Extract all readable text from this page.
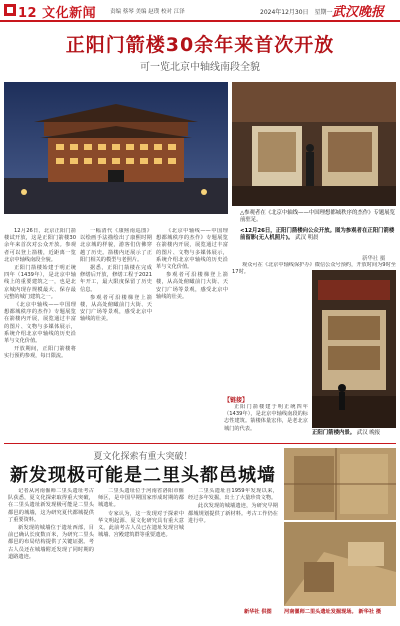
12 文化新闻	责编 蔡琴 美编 赵璞 校对 江泽	2024年12月30日　星期一 武汉晚报
正阳门箭楼30余年来首次开放
可一览北京中轴线南段全貌
△参观者在《北京中轴线——中国理想都城秩序的杰作》专题展览前驻足。
<12月26日，正阳门箭楼向公众开放。图为参观者在正阳门箭楼前留影(无人机照片)。 武汉 明晨
新华社 摄

12月26日，北京正阳门箭楼试开放，这是正阳门箭楼30余年来首次对公众开放。参观者可以登上箭楼，近距离一览北京中轴线南段全貌。

正阳门箭楼始建于明正统四年（1439年），是北京中轴线上的重要建筑之一，也是北京城内现存规模最大、保存最完整的城门建筑之一。

《北京中轴线——中国理想都城秩序的杰作》专题展览在箭楼内开展，展览通过丰富的图片、文物与多媒体展示，系统介绍北京中轴线的历史沿革与文化价值。

开放期间，正阳门箭楼将实行预约参观，每日限流。

一幅清代《康熙南巡图》以绘画手法描绘出了康熙时期北京城的样貌，游客们仿佛穿越了历史。箭楼内还展示了正阳门相关的模型与老照片。

据悉，正阳门箭楼在完成修缮后开放，修缮工程于2021年开工，最大限度保留了历史信息。

参观者可沿楼梯登上箭楼，从高处俯瞰前门大街、天安门广场等景观，感受北京中轴线的壮美。

《北京中轴线——中国理想都城秩序的杰作》专题展览在箭楼内开展，展览通过丰富的图片、文物与多媒体展示，系统介绍北京中轴线的历史沿革与文化价值。

参观者可沿楼梯登上箭楼，从高处俯瞰前门大街、天安门广场等景观，感受北京中轴线的壮美。

观众可在《北京中轴线保护办》微信公众号预约，开放时间为9时至17时。

【链接】

正阳门箭楼建于明正统四年（1439年），是北京中轴线南段的标志性建筑。箭楼体量宏伟，是老北京城门的代表。

正阳门箭楼内景。 武汉 晚报
夏文化探索有重大突破！
新发现极可能是二里头都邑城墙

记者从河南偃师二里头遗址考古队获悉，夏文化探索取得重大突破，在二里头遗址新发现极可能是二里头都邑的城墙，这为研究夏代都城提供了重要资料。

新发现的城墙位于遗址西部，目前已确认长度数百米，为研究二里头都邑的布局结构提供了关键证据。考古人员还在城墙附近发现了同时期的道路遗迹。

二里头遗址位于河南省洛阳市偃师区，是中国早期国家形成时期的都城遗址。

专家认为，这一发现对于探索中华文明起源、夏文化研究具有重大意义。此前考古人员已在遗址发现宫城城墙、宫殿建筑群等重要遗迹。

二里头遗址自1959年发现以来，经过多年发掘，出土了大量珍贵文物。

此次发现的城墙遗迹，为研究早期都城规划提供了新材料。考古工作仍在进行中。

新华社 供图 河南偃师二里头遗址发掘现场。 新华社 摄
